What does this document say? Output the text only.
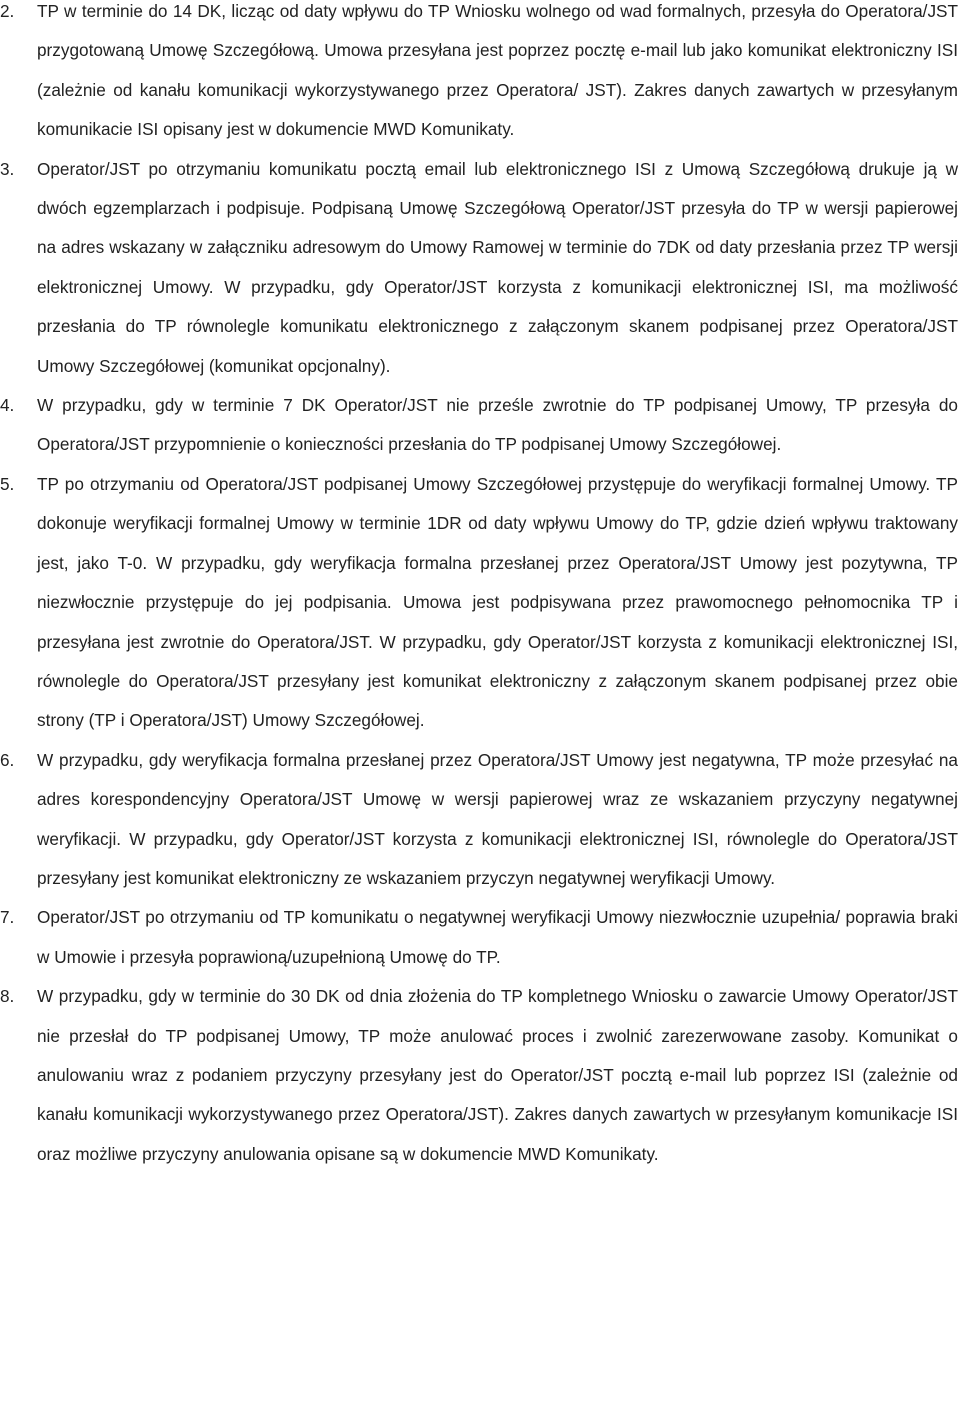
2.	TP w terminie do 14 DK, licząc od daty wpływu do TP Wniosku wolnego od wad formalnych, przesyła do Operatora/JST przygotowaną Umowę Szczegółową. Umowa przesyłana jest poprzez pocztę e-mail lub jako komunikat elektroniczny ISI (zależnie od kanału komunikacji wykorzystywanego przez Operatora/ JST). Zakres danych zawartych w przesyłanym komunikacie ISI opisany jest w dokumencie MWD Komunikaty.
3.	Operator/JST po otrzymaniu komunikatu pocztą email lub elektronicznego ISI z Umową Szczegółową drukuje ją w dwóch egzemplarzach i podpisuje. Podpisaną Umowę Szczegółową Operator/JST przesyła do TP w wersji papierowej na adres wskazany w załączniku adresowym do Umowy Ramowej w terminie do 7DK od daty przesłania przez TP wersji elektronicznej Umowy. W przypadku, gdy Operator/JST korzysta z komunikacji elektronicznej ISI, ma możliwość przesłania do TP równolegle komunikatu elektronicznego z załączonym skanem podpisanej przez Operatora/JST Umowy Szczegółowej (komunikat opcjonalny).
4.	W przypadku, gdy w terminie 7 DK Operator/JST nie prześle zwrotnie do TP podpisanej Umowy, TP przesyła do Operatora/JST przypomnienie o konieczności przesłania do TP podpisanej Umowy Szczegółowej.
5.	TP po otrzymaniu od Operatora/JST podpisanej Umowy Szczegółowej przystępuje do weryfikacji formalnej Umowy. TP dokonuje weryfikacji formalnej Umowy w terminie 1DR od daty wpływu Umowy do TP, gdzie dzień wpływu traktowany jest, jako T-0. W przypadku, gdy weryfikacja formalna przesłanej przez Operatora/JST Umowy jest pozytywna, TP niezwłocznie przystępuje do jej podpisania. Umowa jest podpisywana przez prawomocnego pełnomocnika TP i przesyłana jest zwrotnie do Operatora/JST. W przypadku, gdy Operator/JST korzysta z komunikacji elektronicznej ISI, równolegle do Operatora/JST przesyłany jest komunikat elektroniczny z załączonym skanem podpisanej przez obie strony (TP i Operatora/JST) Umowy Szczegółowej.
6.	W przypadku, gdy weryfikacja formalna przesłanej przez Operatora/JST Umowy jest negatywna, TP może przesyłać na adres korespondencyjny Operatora/JST Umowę w wersji papierowej wraz ze wskazaniem przyczyny negatywnej weryfikacji. W przypadku, gdy Operator/JST korzysta z komunikacji elektronicznej ISI, równolegle do Operatora/JST przesyłany jest komunikat elektroniczny ze wskazaniem przyczyn negatywnej weryfikacji Umowy.
7.	Operator/JST po otrzymaniu od TP komunikatu o negatywnej weryfikacji Umowy niezwłocznie uzupełnia/ poprawia braki w Umowie i przesyła poprawioną/uzupełnioną Umowę do TP.
8.	W przypadku, gdy w terminie do 30 DK od dnia złożenia do TP kompletnego Wniosku o zawarcie Umowy Operator/JST nie przesłał do TP podpisanej Umowy, TP może anulować proces i zwolnić zarezerwowane zasoby. Komunikat o anulowaniu wraz z podaniem przyczyny przesyłany jest do Operator/JST pocztą e-mail lub poprzez ISI (zależnie od kanału komunikacji wykorzystywanego przez Operatora/JST). Zakres danych zawartych w przesyłanym komunikacje ISI oraz możliwe przyczyny anulowania opisane są w dokumencie MWD Komunikaty.
